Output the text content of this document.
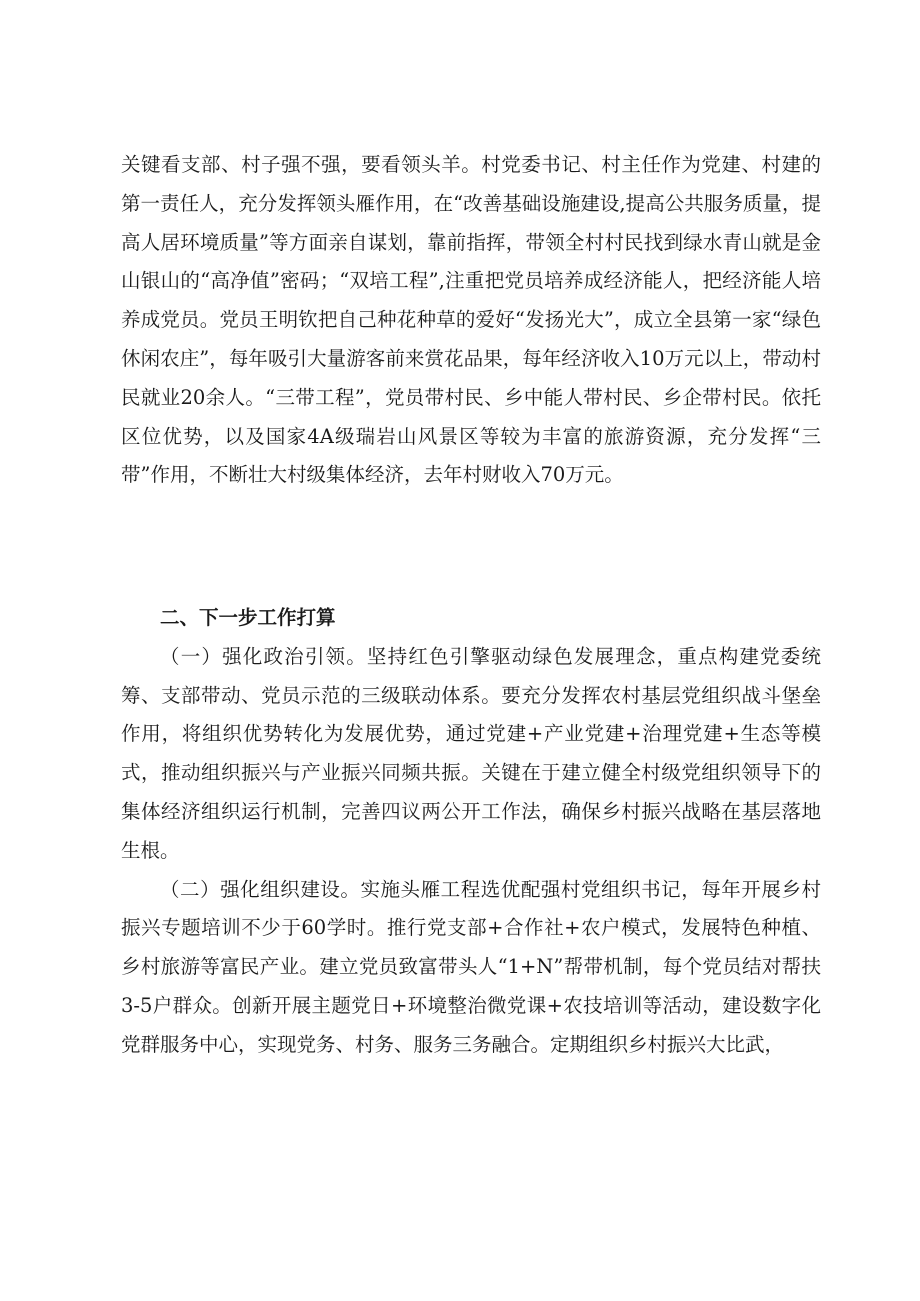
关键看支部、村子强不强，要看领头羊。村党委书记、村主任作为党建、村建的第一责任人，充分发挥领头雁作用，在“改善基础设施建设,提高公共服务质量，提高人居环境质量”等方面亲自谋划，靠前指挥，带领全村村民找到绿水青山就是金山银山的“高净值”密码；“双培工程”,注重把党员培养成经济能人，把经济能人培养成党员。党员王明钦把自己种花种草的爱好“发扬光大”，成立全县第一家“绿色休闲农庄”，每年吸引大量游客前来赏花品果，每年经济收入10万元以上，带动村民就业20余人。“三带工程”，党员带村民、乡中能人带村民、乡企带村民。依托区位优势，以及国家4A级瑞岩山风景区等较为丰富的旅游资源，充分发挥“三带”作用，不断壮大村级集体经济，去年村财收入70万元。

二、下一步工作打算

（一）强化政治引领。坚持红色引擎驱动绿色发展理念，重点构建党委统筹、支部带动、党员示范的三级联动体系。要充分发挥农村基层党组织战斗堡垒作用，将组织优势转化为发展优势，通过党建+产业党建+治理党建+生态等模式，推动组织振兴与产业振兴同频共振。关键在于建立健全村级党组织领导下的集体经济组织运行机制，完善四议两公开工作法，确保乡村振兴战略在基层落地生根。

（二）强化组织建设。实施头雁工程选优配强村党组织书记，每年开展乡村振兴专题培训不少于60学时。推行党支部+合作社+农户模式，发展特色种植、乡村旅游等富民产业。建立党员致富带头人“1+N”帮带机制，每个党员结对帮扶3-5户群众。创新开展主题党日+环境整治微党课+农技培训等活动，建设数字化党群服务中心，实现党务、村务、服务三务融合。定期组织乡村振兴大比武，
